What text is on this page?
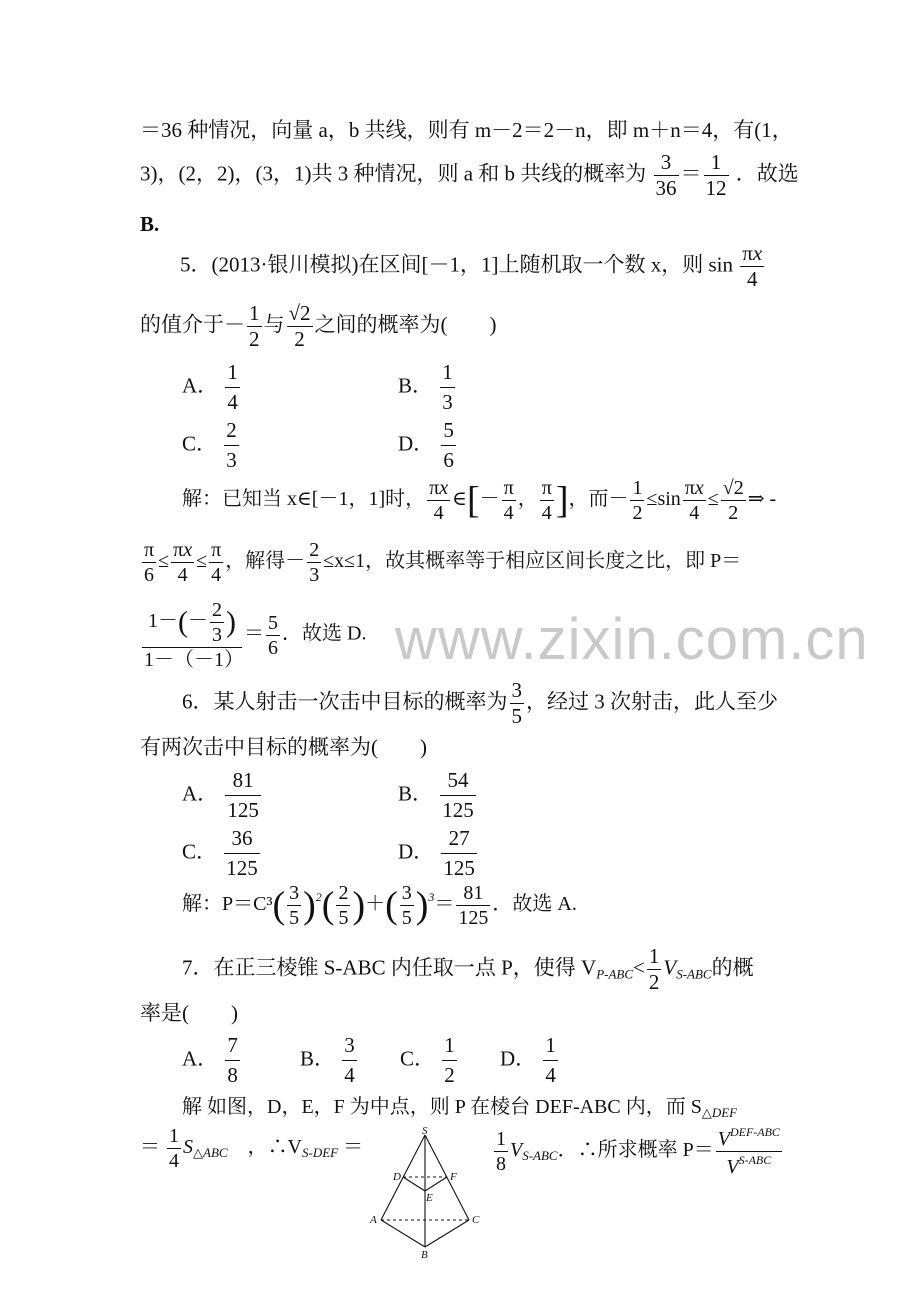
www.zixin.com.cn
＝36 种情况，向量 a，b 共线，则有 m－2＝2－n，即 m＋n＝4，有(1，
3)，(2，2)，(3，1)共 3 种情况，则 a 和 b 共线的概率为 $\frac{3}{36} = \frac{1}{12}$ ．故选
B.
5．(2013·银川模拟)在区间[－1，1]上随机取一个数 x，则 $\sin \frac{\pi x}{4}$
的值介于－ $\frac{1}{2}$ 与 $\frac{√2}{2}$ 之间的概率为(　　)
A． $\frac{1}{4}$	B． $\frac{1}{3}$
C． $\frac{2}{3}$	D． $\frac{5}{6}$
解：已知当 x∈[－1，1]时， $\frac{\pi x}{4}$ ∈[－ $\frac{\pi}{4}$ ， $\frac{\pi}{4}$ ]，而－ $\frac{1}{2} \le\sin \frac{\pi x}{4} \le \frac{√2}{2}$ ⇒ -
$\frac{\pi}{6} \le \frac{\pi x}{4} \le \frac{\pi}{4}$ ，解得－ $\frac{2}{3} \le x\le 1$，故其概率等于相应区间长度之比，即 P＝
$\frac{1-(- \frac{2}{3} )}{1-(-1)} = \frac{5}{6}$ ．故选 D.
6．某人射击一次击中目标的概率为 $\frac{3}{5}$ ，经过 3 次射击，此人至少
有两次击中目标的概率为(　　)
A． $\frac{81}{125}$	B． $\frac{54}{125}$
C． $\frac{36}{125}$	D． $\frac{27}{125}$
解：$P=C^3( \frac{3}{5} )^2( \frac{2}{5}$ )＋( $\frac{3}{5} )^3= \frac{81}{125}$ ．故选 A.
7．在正三棱锥 S-ABC 内任取一点 P，使得 $V_{P-ABC}< \frac{1}{2} V_{S-ABC}$的概
率是(　　)
A． $\frac{7}{8}$	B． $\frac{3}{4}$ C． $\frac{1}{2}$ D． $\frac{1}{4}$
解 如图，D，E，F 为中点，则 P 在棱台 DEF-ABC 内，而 $S_{\triangle DEF}$
＝ $\frac{1}{4} S_{\triangle ABC}$　，$\therefore V_{S-DEF}$ ＝	$\frac{1}{8} V_{S-ABC}$．∴所求概率 P＝
$V^{DEF-ABC}$
$V^{S-ABC}$
S
D	F
E
A	C
B
